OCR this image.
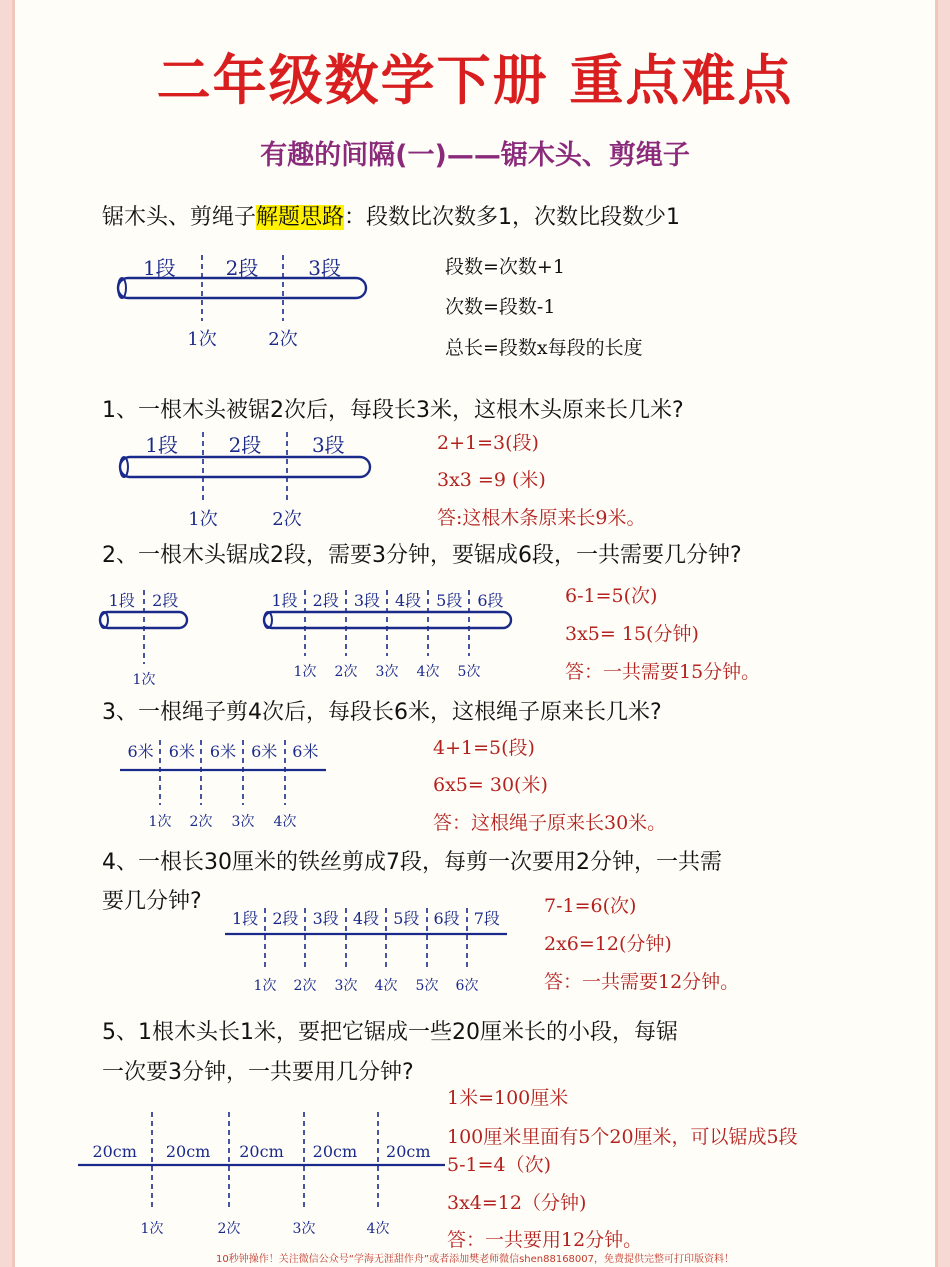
二年级数学下册 重点难点
有趣的间隔(一)——锯木头、剪绳子
锯木头、剪绳子解题思路：段数比次数多1，次数比段数少1
段数=次数+1
次数=段数-1
总长=段数x每段的长度
1、一根木头被锯2次后，每段长3米，这根木头原来长几米?
2+1=3(段)
3x3 =9 (米)
答:这根木条原来长9米。
2、一根木头锯成2段，需要3分钟，要锯成6段，一共需要几分钟?
6-1=5(次)
3x5= 15(分钟)
答：一共需要15分钟。
3、一根绳子剪4次后，每段长6米，这根绳子原来长几米?
4+1=5(段)
6x5= 30(米)
答：这根绳子原来长30米。
4、一根长30厘米的铁丝剪成7段，每剪一次要用2分钟，一共需
要几分钟?	7-1=6(次)
2x6=12(分钟)
答：一共需要12分钟。
5、1根木头长1米，要把它锯成一些20厘米长的小段，每锯
一次要3分钟，一共要用几分钟?
1米=100厘米
100厘米里面有5个20厘米，可以锯成5段
5-1=4（次)
3x4=12（分钟)
答：一共要用12分钟。
10秒钟操作！关注微信公众号“学海无涯甜作舟”或者添加樊老师微信shen88168007，免费提供完整可打印版资料！
1段 2段 3段
1次	2次
1段	2段	3段
1次	2次
1段 2段
1次
1段 2段 3段 4段 5段 6段
1次 2次 3次 4次 5次
6米 6米 6米 6米 6米
1次 2次 3次 4次
1段 2段 3段 4段 5段 6段 7段
1次 2次 3次 4次 5次 6次
20cm 20cm 20cm 20cm 20cm
1次	2次	3次	4次
